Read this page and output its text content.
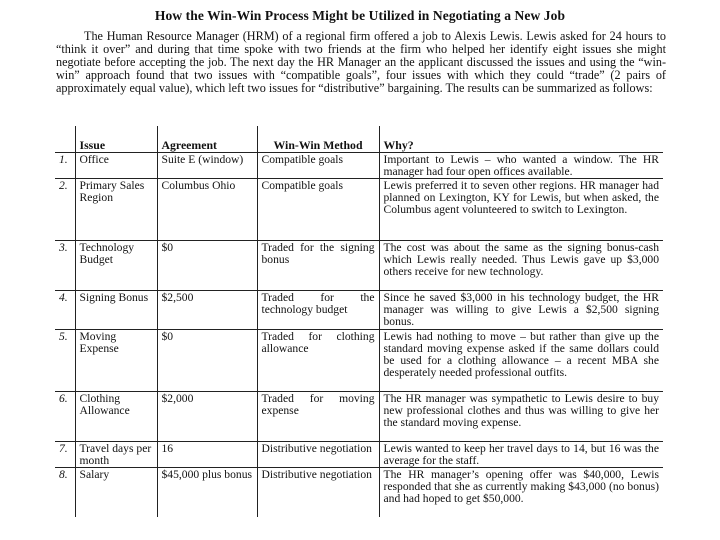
How the Win-Win Process Might be Utilized in Negotiating a New Job
The Human Resource Manager (HRM) of a regional firm offered a job to Alexis Lewis. Lewis asked for 24 hours to “think it over” and during that time spoke with two friends at the firm who helped her identify eight issues she might negotiate before accepting the job. The next day the HR Manager an the applicant discussed the issues and using the “win-win” approach found that two issues with “compatible goals”, four issues with which they could “trade” (2 pairs of approximately equal value), which left two issues for “distributive” bargaining. The results can be summarized as follows:
	Issue	Agreement	Win-Win Method	Why?
1.	Office	Suite E (window)	Compatible goals	Important to Lewis – who wanted a window. The HR manager had four open offices available.
2.	Primary Sales Region	Columbus Ohio	Compatible goals	Lewis preferred it to seven other regions. HR manager had planned on Lexington, KY for Lewis, but when asked, the Columbus agent volunteered to switch to Lexington.
3.	Technology Budget	$0	Traded for the signing bonus	The cost was about the same as the signing bonus-cash which Lewis really needed. Thus Lewis gave up $3,000 others receive for new technology.
4.	Signing Bonus	$2,500	Traded for the technology budget	Since he saved $3,000 in his technology budget, the HR manager was willing to give Lewis a $2,500 signing bonus.
5.	Moving Expense	$0	Traded for clothing allowance	Lewis had nothing to move – but rather than give up the standard moving expense asked if the same dollars could be used for a clothing allowance – a recent MBA she desperately needed professional outfits.
6.	Clothing Allowance	$2,000	Traded for moving expense	The HR manager was sympathetic to Lewis desire to buy new professional clothes and thus was willing to give her the standard moving expense.
7.	Travel days per month	16	Distributive negotiation	Lewis wanted to keep her travel days to 14, but 16 was the average for the staff.
8.	Salary	$45,000 plus bonus	Distributive negotiation	The HR manager’s opening offer was $40,000, Lewis responded that she as currently making $43,000 (no bonus) and had hoped to get $50,000.
